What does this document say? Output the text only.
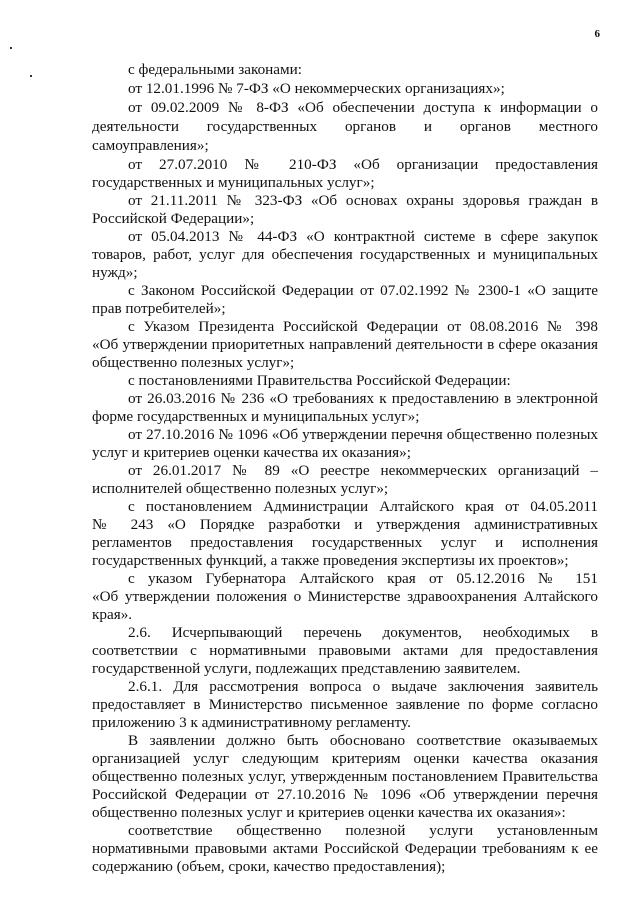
6
с федеральными законами:
от 12.01.1996 № 7-ФЗ «О некоммерческих организациях»;
от 09.02.2009 № 8-ФЗ «Об обеспечении доступа к информации о
деятельности государственных органов и органов местного
самоуправления»;
от 27.07.2010 № 210-ФЗ «Об организации предоставления
государственных и муниципальных услуг»;
от 21.11.2011 № 323-ФЗ «Об основах охраны здоровья граждан в
Российской Федерации»;
от 05.04.2013 № 44-ФЗ «О контрактной системе в сфере закупок
товаров, работ, услуг для обеспечения государственных и муниципальных
нужд»;
с Законом Российской Федерации от 07.02.1992 № 2300-1 «О защите
прав потребителей»;
с Указом Президента Российской Федерации от 08.08.2016 № 398
«Об утверждении приоритетных направлений деятельности в сфере оказания
общественно полезных услуг»;
с постановлениями Правительства Российской Федерации:
от 26.03.2016 № 236 «О требованиях к предоставлению в электронной
форме государственных и муниципальных услуг»;
от 27.10.2016 № 1096 «Об утверждении перечня общественно полезных
услуг и критериев оценки качества их оказания»;
от 26.01.2017 № 89 «О реестре некоммерческих организаций –
исполнителей общественно полезных услуг»;
с постановлением Администрации Алтайского края от 04.05.2011
№ 243 «О Порядке разработки и утверждения административных
регламентов предоставления государственных услуг и исполнения
государственных функций, а также проведения экспертизы их проектов»;
с указом Губернатора Алтайского края от 05.12.2016 № 151
«Об утверждении положения о Министерстве здравоохранения Алтайского
края».
2.6. Исчерпывающий перечень документов, необходимых в
соответствии с нормативными правовыми актами для предоставления
государственной услуги, подлежащих представлению заявителем.
2.6.1. Для рассмотрения вопроса о выдаче заключения заявитель
предоставляет в Министерство письменное заявление по форме согласно
приложению 3 к административному регламенту.
В заявлении должно быть обосновано соответствие оказываемых
организацией услуг следующим критериям оценки качества оказания
общественно полезных услуг, утвержденным постановлением Правительства
Российской Федерации от 27.10.2016 № 1096 «Об утверждении перечня
общественно полезных услуг и критериев оценки качества их оказания»:
соответствие общественно полезной услуги установленным
нормативными правовыми актами Российской Федерации требованиям к ее
содержанию (объем, сроки, качество предоставления);
